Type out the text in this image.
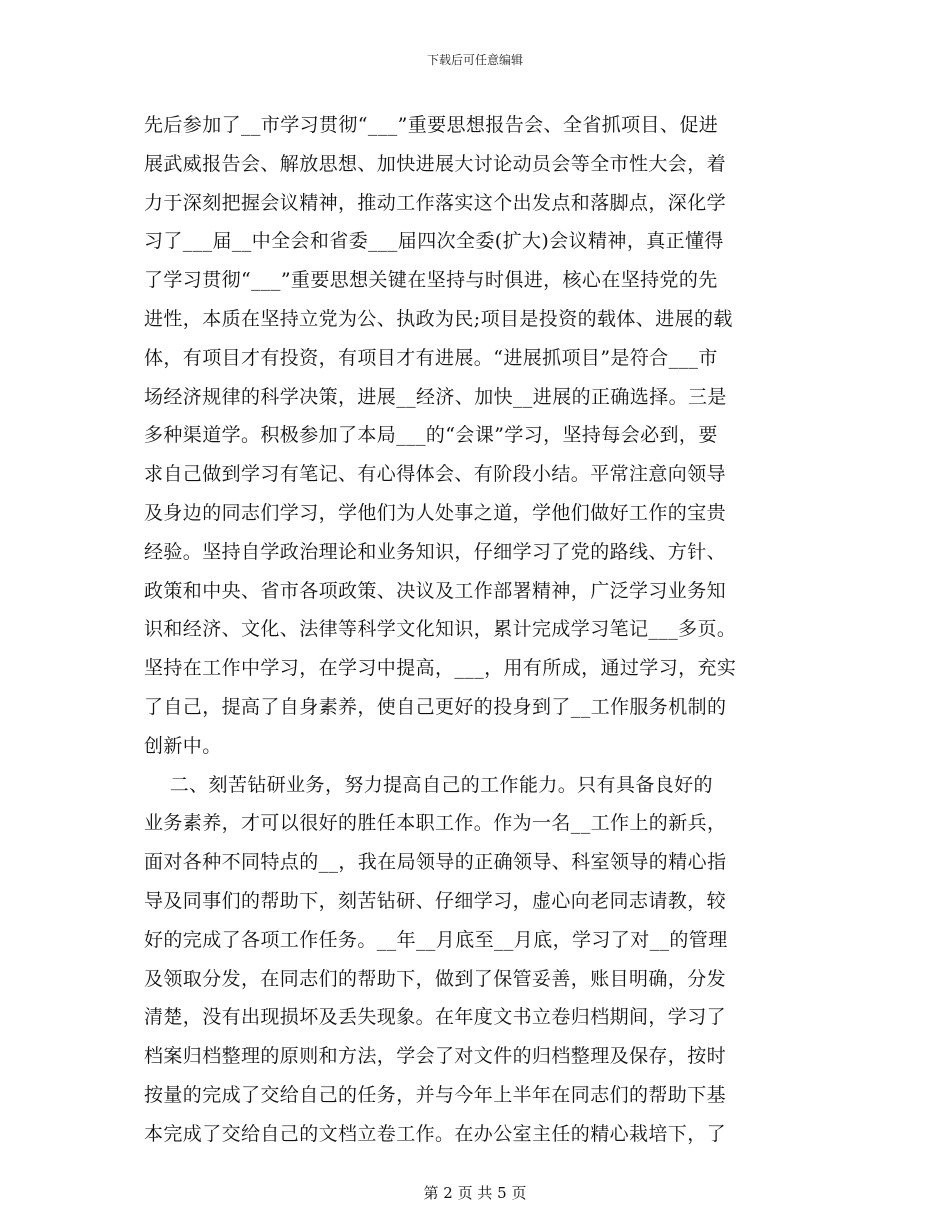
下载后可任意编辑
先后参加了__市学习贯彻“___”重要思想报告会、全省抓项目、促进
展武威报告会、解放思想、加快进展大讨论动员会等全市性大会，着
力于深刻把握会议精神，推动工作落实这个出发点和落脚点，深化学
习了___届__中全会和省委___届四次全委(扩大)会议精神，真正懂得
了学习贯彻“___”重要思想关键在坚持与时俱进，核心在坚持党的先
进性，本质在坚持立党为公、执政为民;项目是投资的载体、进展的载
体，有项目才有投资，有项目才有进展。“进展抓项目”是符合___市
场经济规律的科学决策，进展__经济、加快__进展的正确选择。三是
多种渠道学。积极参加了本局___的“会课”学习，坚持每会必到，要
求自己做到学习有笔记、有心得体会、有阶段小结。平常注意向领导
及身边的同志们学习，学他们为人处事之道，学他们做好工作的宝贵
经验。坚持自学政治理论和业务知识，仔细学习了党的路线、方针、
政策和中央、省市各项政策、决议及工作部署精神，广泛学习业务知
识和经济、文化、法律等科学文化知识，累计完成学习笔记___多页。
坚持在工作中学习，在学习中提高，___，用有所成，通过学习，充实
了自己，提高了自身素养，使自己更好的投身到了__工作服务机制的
创新中。
二、刻苦钻研业务，努力提高自己的工作能力。只有具备良好的
业务素养，才可以很好的胜任本职工作。作为一名__工作上的新兵，
面对各种不同特点的__，我在局领导的正确领导、科室领导的精心指
导及同事们的帮助下，刻苦钻研、仔细学习，虚心向老同志请教，较
好的完成了各项工作任务。__年__月底至__月底，学习了对__的管理
及领取分发，在同志们的帮助下，做到了保管妥善，账目明确，分发
清楚，没有出现损坏及丢失现象。在年度文书立卷归档期间，学习了
档案归档整理的原则和方法，学会了对文件的归档整理及保存，按时
按量的完成了交给自己的任务，并与今年上半年在同志们的帮助下基
本完成了交给自己的文档立卷工作。在办公室主任的精心栽培下，了
第 2 页 共 5 页
